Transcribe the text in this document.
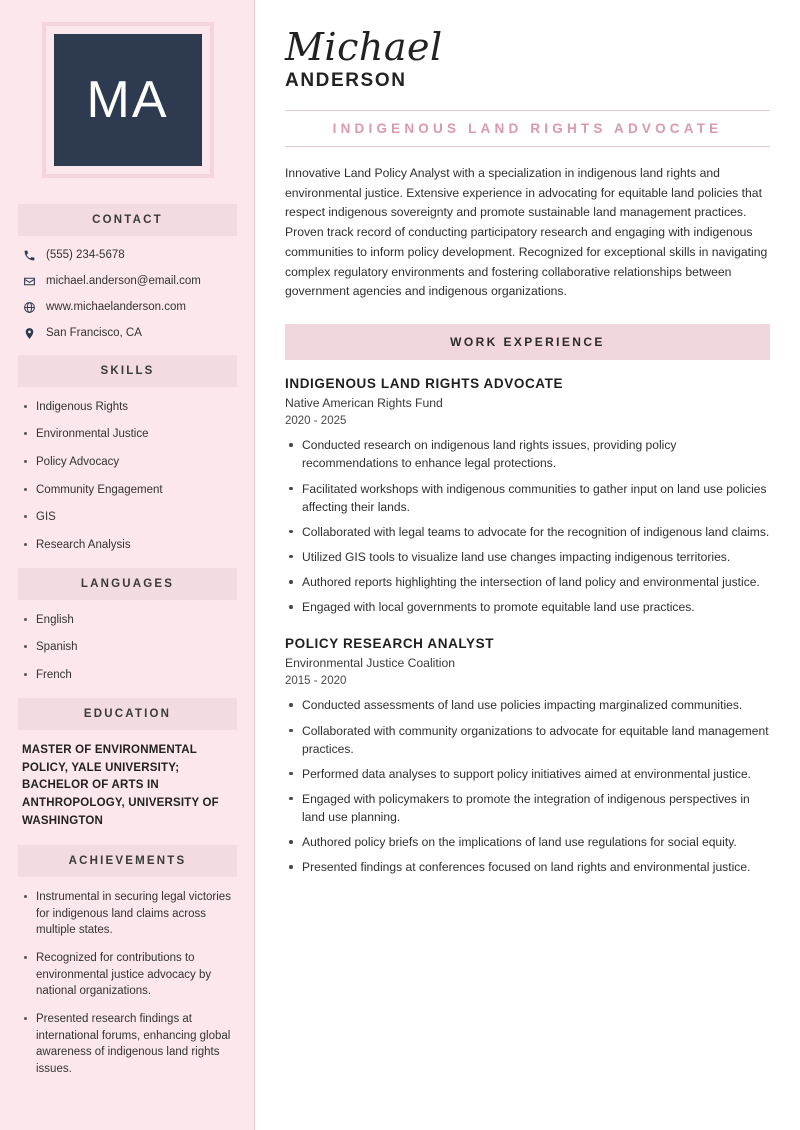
MA
CONTACT
(555) 234-5678
michael.anderson@email.com
www.michaelanderson.com
San Francisco, CA
SKILLS
Indigenous Rights
Environmental Justice
Policy Advocacy
Community Engagement
GIS
Research Analysis
LANGUAGES
English
Spanish
French
EDUCATION
MASTER OF ENVIRONMENTAL POLICY, YALE UNIVERSITY; BACHELOR OF ARTS IN ANTHROPOLOGY, UNIVERSITY OF WASHINGTON
ACHIEVEMENTS
Instrumental in securing legal victories for indigenous land claims across multiple states.
Recognized for contributions to environmental justice advocacy by national organizations.
Presented research findings at international forums, enhancing global awareness of indigenous land rights issues.
Michael
ANDERSON
INDIGENOUS LAND RIGHTS ADVOCATE

Innovative Land Policy Analyst with a specialization in indigenous land rights and environmental justice. Extensive experience in advocating for equitable land policies that respect indigenous sovereignty and promote sustainable land management practices. Proven track record of conducting participatory research and engaging with indigenous communities to inform policy development. Recognized for exceptional skills in navigating complex regulatory environments and fostering collaborative relationships between government agencies and indigenous organizations.

WORK EXPERIENCE
INDIGENOUS LAND RIGHTS ADVOCATE
Native American Rights Fund
2020 - 2025
Conducted research on indigenous land rights issues, providing policy recommendations to enhance legal protections.
Facilitated workshops with indigenous communities to gather input on land use policies affecting their lands.
Collaborated with legal teams to advocate for the recognition of indigenous land claims.
Utilized GIS tools to visualize land use changes impacting indigenous territories.
Authored reports highlighting the intersection of land policy and environmental justice.
Engaged with local governments to promote equitable land use practices.
POLICY RESEARCH ANALYST
Environmental Justice Coalition
2015 - 2020
Conducted assessments of land use policies impacting marginalized communities.
Collaborated with community organizations to advocate for equitable land management practices.
Performed data analyses to support policy initiatives aimed at environmental justice.
Engaged with policymakers to promote the integration of indigenous perspectives in land use planning.
Authored policy briefs on the implications of land use regulations for social equity.
Presented findings at conferences focused on land rights and environmental justice.
